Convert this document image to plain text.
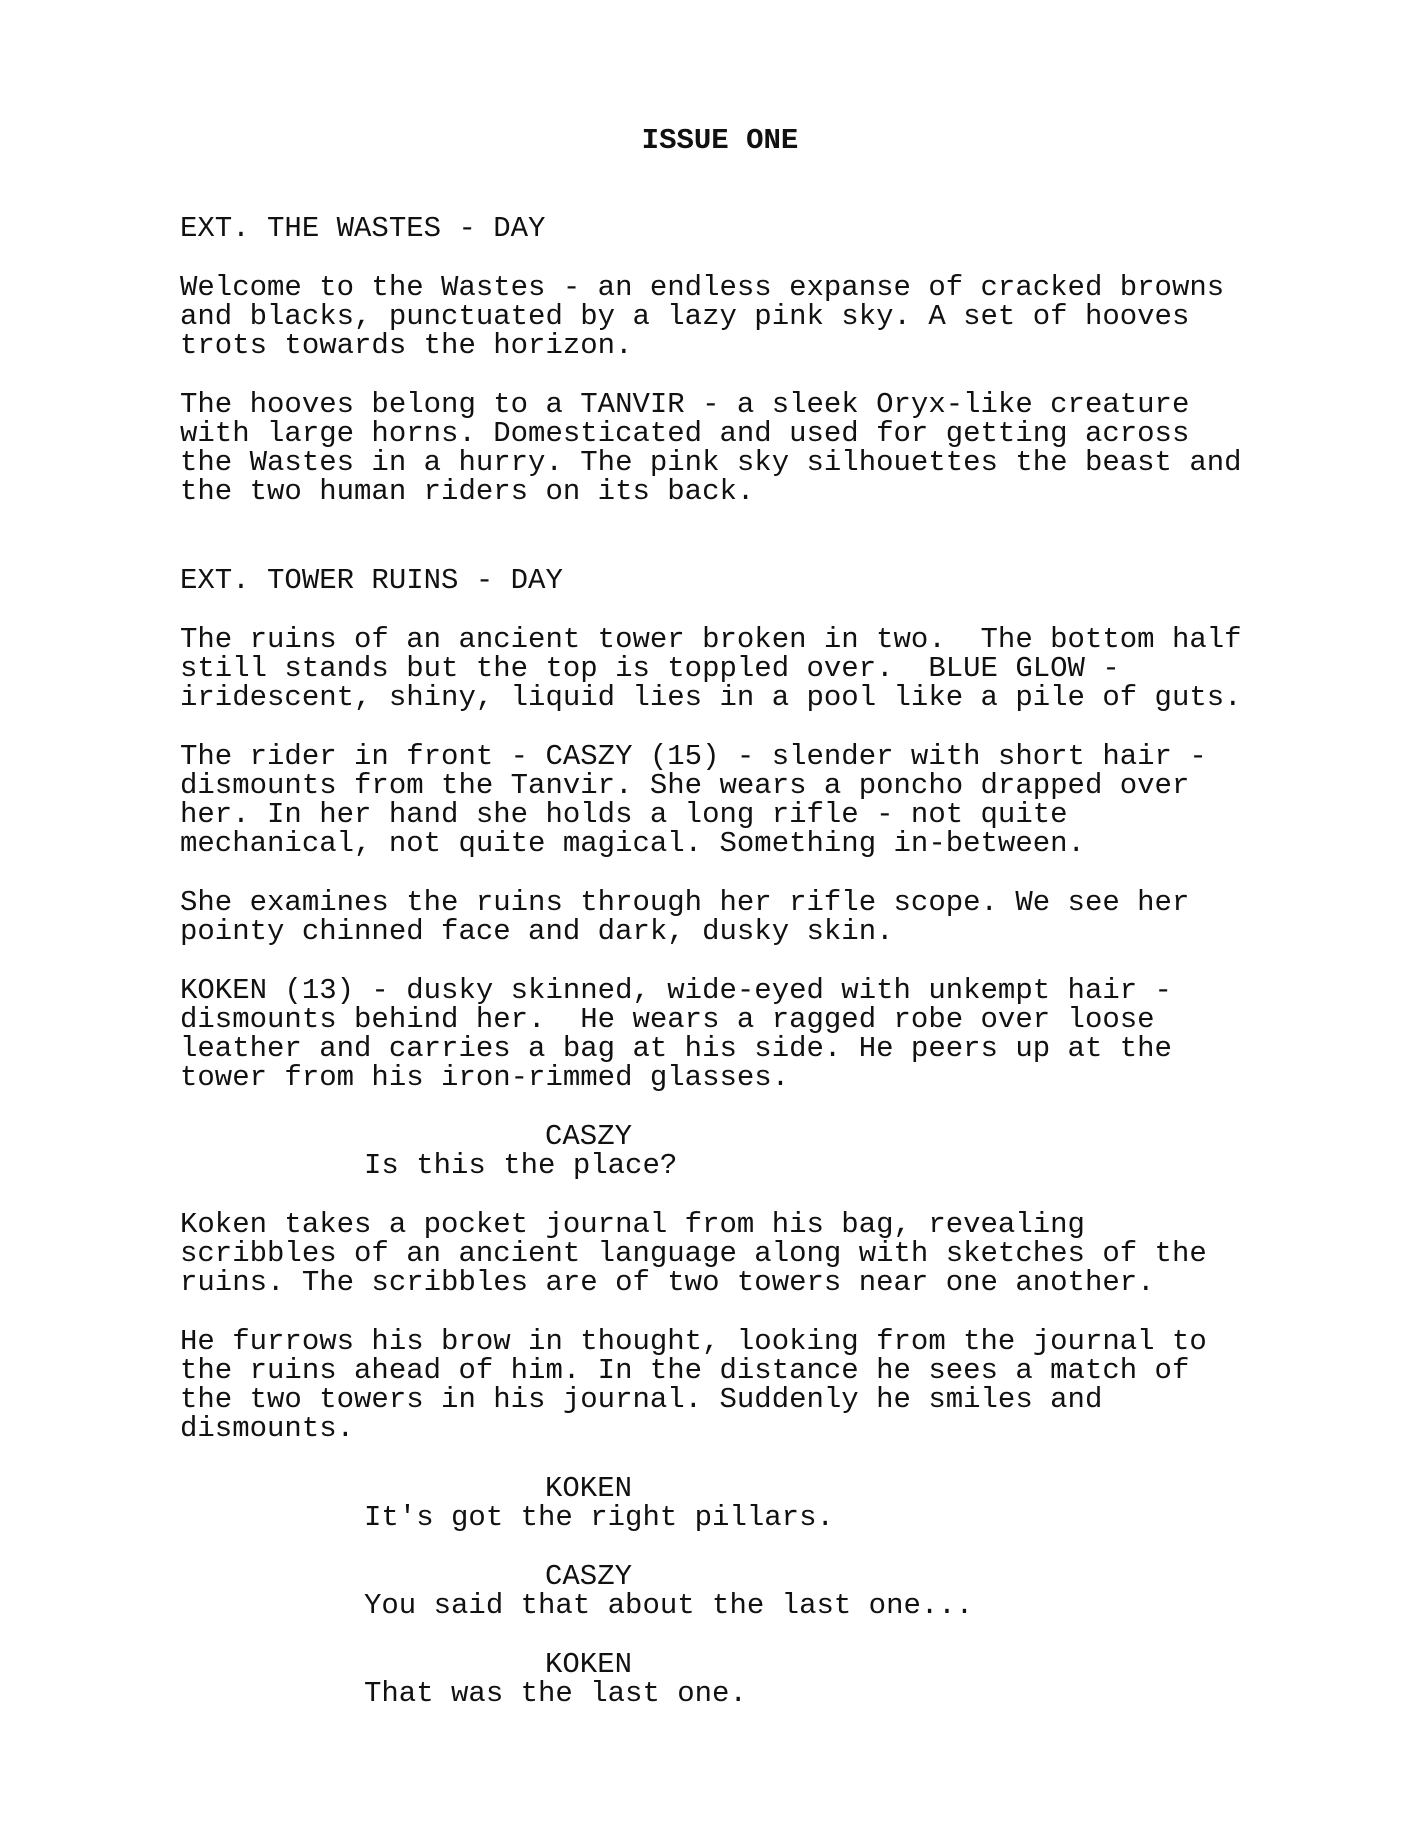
ISSUE ONE
EXT. THE WASTES - DAY
Welcome to the Wastes - an endless expanse of cracked browns
and blacks, punctuated by a lazy pink sky. A set of hooves
trots towards the horizon.
The hooves belong to a TANVIR - a sleek Oryx-like creature
with large horns. Domesticated and used for getting across
the Wastes in a hurry. The pink sky silhouettes the beast and
the two human riders on its back.
EXT. TOWER RUINS - DAY
The ruins of an ancient tower broken in two.  The bottom half
still stands but the top is toppled over.  BLUE GLOW -
iridescent, shiny, liquid lies in a pool like a pile of guts.
The rider in front - CASZY (15) - slender with short hair -
dismounts from the Tanvir. She wears a poncho drapped over
her. In her hand she holds a long rifle - not quite
mechanical, not quite magical. Something in-between.
She examines the ruins through her rifle scope. We see her
pointy chinned face and dark, dusky skin.
KOKEN (13) - dusky skinned, wide-eyed with unkempt hair -
dismounts behind her.  He wears a ragged robe over loose
leather and carries a bag at his side. He peers up at the
tower from his iron-rimmed glasses.
CASZY
Is this the place?
Koken takes a pocket journal from his bag, revealing
scribbles of an ancient language along with sketches of the
ruins. The scribbles are of two towers near one another.
He furrows his brow in thought, looking from the journal to
the ruins ahead of him. In the distance he sees a match of
the two towers in his journal. Suddenly he smiles and
dismounts.
KOKEN
It's got the right pillars.
CASZY
You said that about the last one...
KOKEN
That was the last one.
